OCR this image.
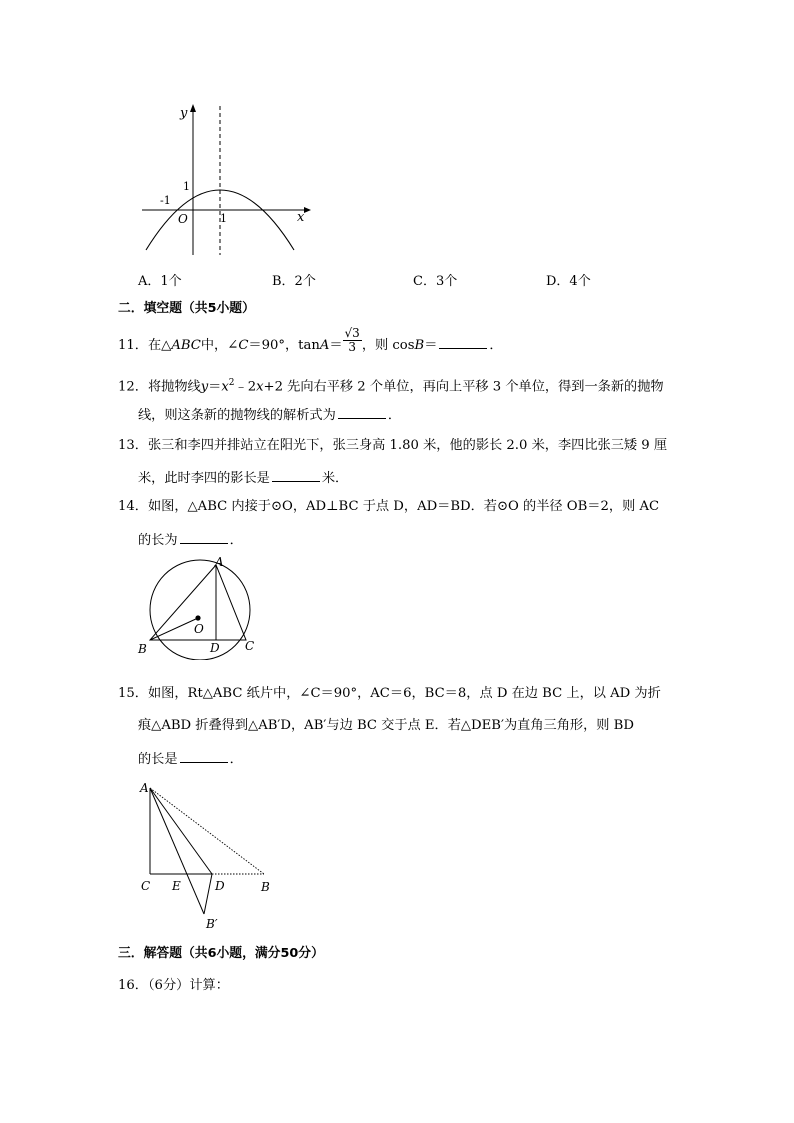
y
x
O
1
-1
1
A．1个	B．2个	C．3个	D．4个
二．填空题（共5小题）
11．在△ABC中，∠C＝90°，$\tan A= \frac{√3}{3}$ ，则 cosB＝	．
12．将抛物线$y=x^2﹣2x+2$ 先向右平移 2 个单位，再向上平移 3 个单位，得到一条新的抛物
线，则这条新的抛物线的解析式为	．
13．张三和李四并排站立在阳光下，张三身高 1.80 米，他的影长 2.0 米，李四比张三矮 9 厘
米，此时李四的影长是	米．
14．如图，△ABC 内接于⊙O，AD⊥BC 于点 D，AD＝BD．若⊙O 的半径 OB＝2，则 AC
的长为	．
A
B	C
D
O
15．如图，Rt△ABC 纸片中，∠C＝90°，AC＝6，BC＝8，点 D 在边 BC 上，以 AD 为折
痕△ABD 折叠得到△AB′D，AB′与边 BC 交于点 E．若△DEB′为直角三角形，则 BD
的长是	．
A
C E	D	B
B′
三．解答题（共6小题，满分50分）
16．（6分）计算：
